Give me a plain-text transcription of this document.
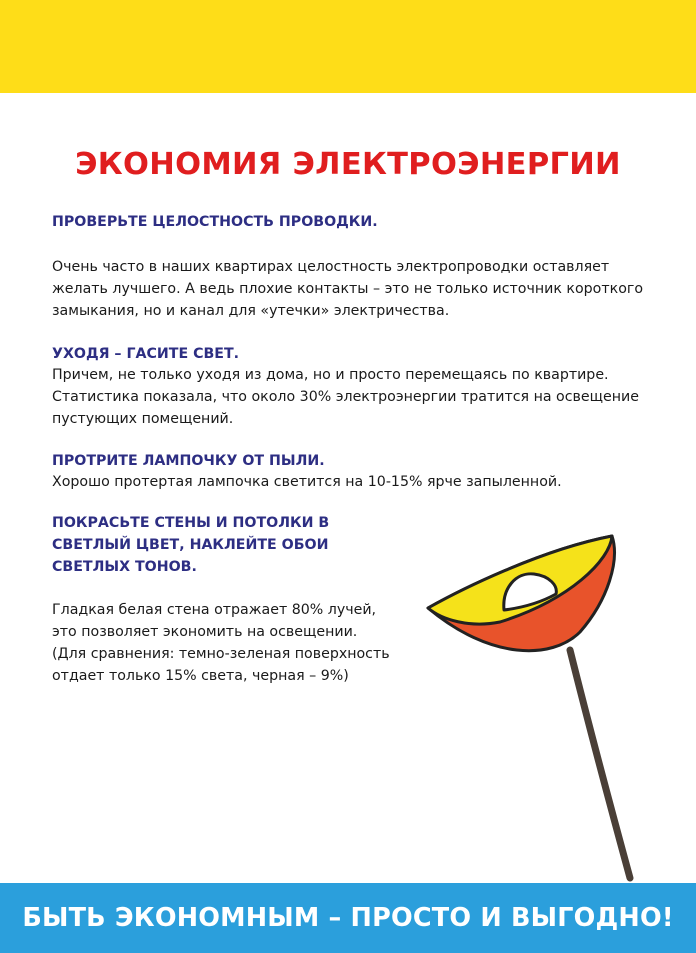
ЭКОНОМИЯ ЭЛЕКТРОЭНЕРГИИ

ПРОВЕРЬТЕ ЦЕЛОСТНОСТЬ ПРОВОДКИ.

Очень часто в наших квартирах целостность электропроводки оставляет желать лучшего. А ведь плохие контакты – это не только источник короткого замыкания, но и канал для «утечки» электричества.

УХОДЯ – ГАСИТЕ СВЕТ.

Причем, не только уходя из дома, но и просто перемещаясь по квартире. Статистика показала, что около 30% электроэнергии тратится на освещение пустующих помещений.

ПРОТРИТЕ ЛАМПОЧКУ ОТ ПЫЛИ.

Хорошо протертая лампочка светится на 10-15% ярче запыленной.

ПОКРАСЬТЕ СТЕНЫ И ПОТОЛКИ В СВЕТЛЫЙ ЦВЕТ, НАКЛЕЙТЕ ОБОИ СВЕТЛЫХ ТОНОВ.

Гладкая белая стена отражает 80% лучей, это позволяет экономить на освещении. (Для сравнения: темно-зеленая поверхность отдает только 15% света, черная – 9%)

БЫТЬ ЭКОНОМНЫМ – ПРОСТО И ВЫГОДНО!
